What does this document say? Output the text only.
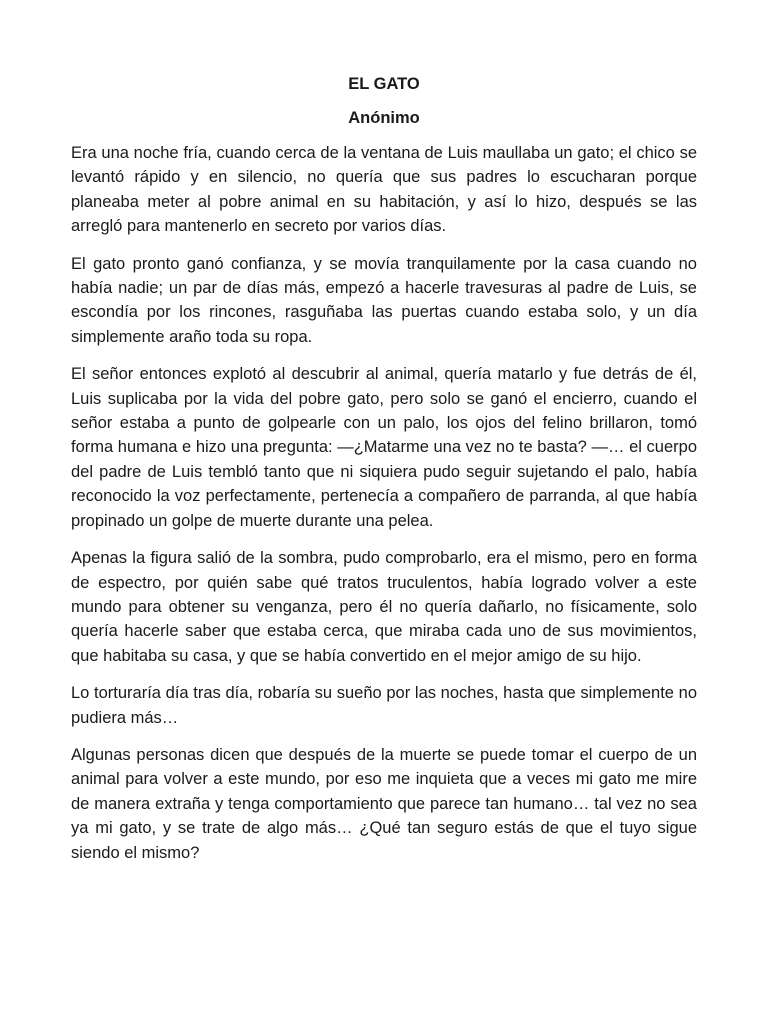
EL GATO
Anónimo

Era una noche fría, cuando cerca de la ventana de Luis maullaba un gato; el chico se levantó rápido y en silencio, no quería que sus padres lo escucharan porque planeaba meter al pobre animal en su habitación, y así lo hizo, después se las arregló para mantenerlo en secreto por varios días.

El gato pronto ganó confianza, y se movía tranquilamente por la casa cuando no había nadie; un par de días más, empezó a hacerle travesuras al padre de Luis, se escondía por los rincones, rasguñaba las puertas cuando estaba solo, y un día simplemente araño toda su ropa.

El señor entonces explotó al descubrir al animal, quería matarlo y fue detrás de él, Luis suplicaba por la vida del pobre gato, pero solo se ganó el encierro, cuando el señor estaba a punto de golpearle con un palo, los ojos del felino brillaron, tomó forma humana e hizo una pregunta: —¿Matarme una vez no te basta? —… el cuerpo del padre de Luis tembló tanto que ni siquiera pudo seguir sujetando el palo, había reconocido la voz perfectamente, pertenecía a compañero de parranda, al que había propinado un golpe de muerte durante una pelea.

Apenas la figura salió de la sombra, pudo comprobarlo, era el mismo, pero en forma de espectro, por quién sabe qué tratos truculentos, había logrado volver a este mundo para obtener su venganza, pero él no quería dañarlo, no físicamente, solo quería hacerle saber que estaba cerca, que miraba cada uno de sus movimientos, que habitaba su casa, y que se había convertido en el mejor amigo de su hijo.

Lo torturaría día tras día, robaría su sueño por las noches, hasta que simplemente no pudiera más…

Algunas personas dicen que después de la muerte se puede tomar el cuerpo de un animal para volver a este mundo, por eso me inquieta que a veces mi gato me mire de manera extraña y tenga comportamiento que parece tan humano… tal vez no sea ya mi gato, y se trate de algo más… ¿Qué tan seguro estás de que el tuyo sigue siendo el mismo?
